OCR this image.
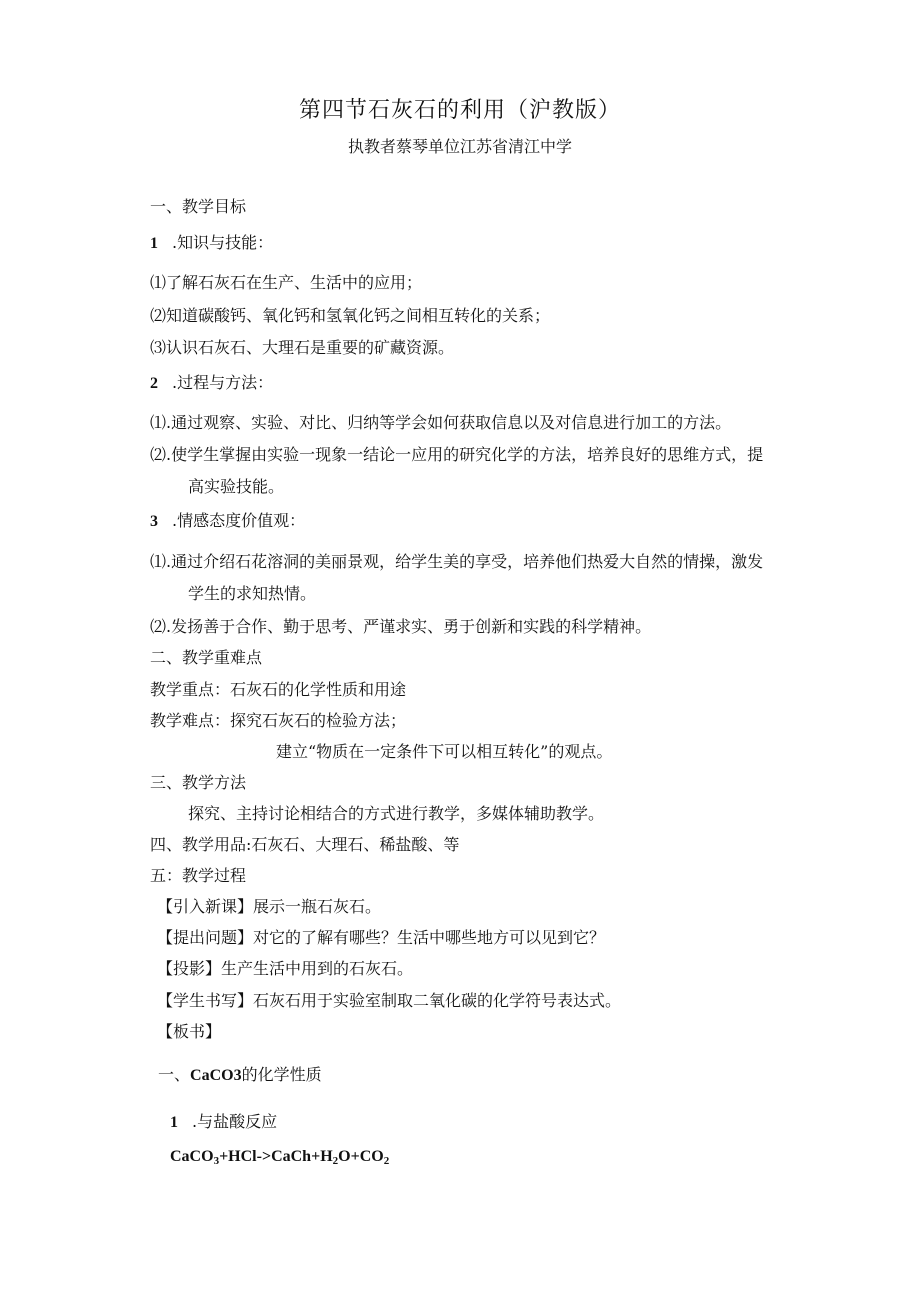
第四节石灰石的利用（沪教版）
执教者蔡琴单位江苏省清江中学
一、教学目标
1 .知识与技能：
⑴了解石灰石在生产、生活中的应用；
⑵知道碳酸钙、氧化钙和氢氧化钙之间相互转化的关系；
⑶认识石灰石、大理石是重要的矿藏资源。
2 .过程与方法：
⑴.通过观察、实验、对比、归纳等学会如何获取信息以及对信息进行加工的方法。
⑵.使学生掌握由实验一现象一结论一应用的研究化学的方法，培养良好的思维方式，提
高实验技能。
3 .情感态度价值观：
⑴.通过介绍石花溶洞的美丽景观，给学生美的享受，培养他们热爱大自然的情操，激发
学生的求知热情。
⑵.发扬善于合作、勤于思考、严谨求实、勇于创新和实践的科学精神。
二、教学重难点
教学重点：石灰石的化学性质和用途
教学难点：探究石灰石的检验方法；
建立“物质在一定条件下可以相互转化”的观点。
三、教学方法
探究、主持讨论相结合的方式进行教学，多媒体辅助教学。
四、教学用品:石灰石、大理石、稀盐酸、等
五：教学过程
【引入新课】展示一瓶石灰石。
【提出问题】对它的了解有哪些？生活中哪些地方可以见到它？
【投影】生产生活中用到的石灰石。
【学生书写】石灰石用于实验室制取二氧化碳的化学符号表达式。
【板书】
一、CaCO3的化学性质
1 .与盐酸反应
$CaCO_3+HCl->CaCh+H_2O+CO_2$
